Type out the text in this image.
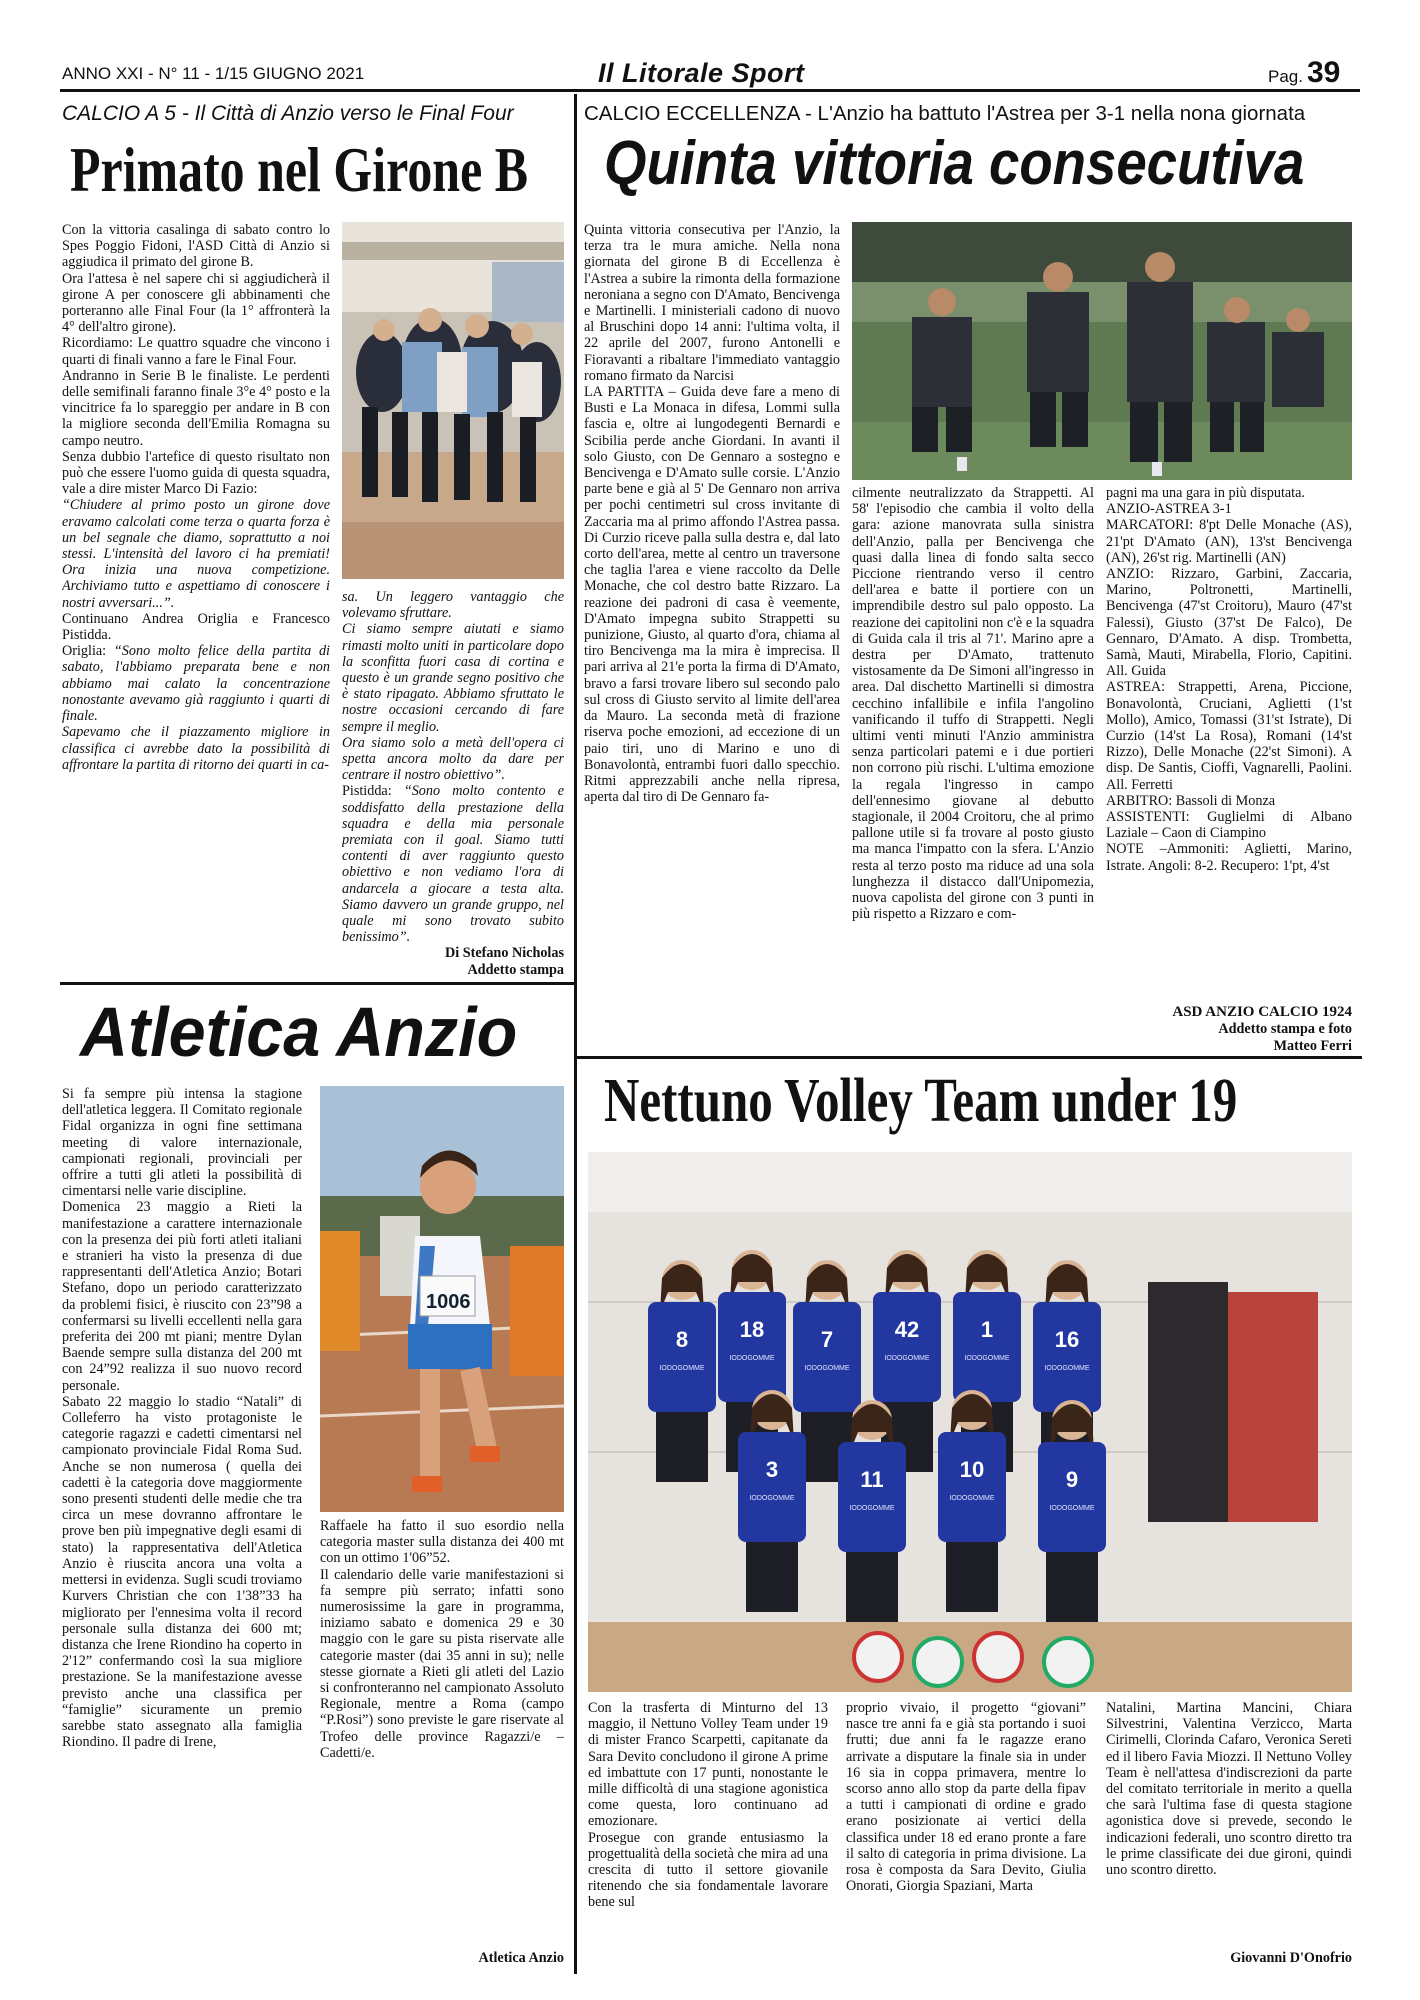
ANNO XXI - N° 11 - 1/15 GIUGNO 2021	Il Litorale Sport	Pag. 39
CALCIO A 5 - Il Città di Anzio verso le Final Four
Primato nel Girone B

Con la vittoria casalinga di sabato contro lo Spes Poggio Fidoni, l'ASD Città di Anzio si aggiudica il primato del girone B.

Ora l'attesa è nel sapere chi si aggiudicherà il girone A per conoscere gli abbinamenti che porteranno alle Final Four (la 1° affronterà la 4° dell'altro girone).

Ricordiamo: Le quattro squadre che vincono i quarti di finali vanno a fare le Final Four.

Andranno in Serie B le finaliste. Le perdenti delle semifinali faranno finale 3°e 4° posto e la vincitrice fa lo spareggio per andare in B con la migliore seconda dell'Emilia Romagna su campo neutro.

Senza dubbio l'artefice di questo risultato non può che essere l'uomo guida di questa squadra, vale a dire mister Marco Di Fazio:

“Chiudere al primo posto un girone dove eravamo calcolati come terza o quarta forza è un bel segnale che diamo, soprattutto a noi stessi. L'intensità del lavoro ci ha premiati! Ora inizia una nuova competizione. Archiviamo tutto e aspettiamo di conoscere i nostri avversari...”.

Continuano Andrea Origlia e Francesco Pistidda.

Origlia: “Sono molto felice della partita di sabato, l'abbiamo preparata bene e non abbiamo mai calato la concentrazione nonostante avevamo già raggiunto i quarti di finale.

Sapevamo che il piazzamento migliore in classifica ci avrebbe dato la possibilità di affrontare la partita di ritorno dei quarti in ca-

sa. Un leggero vantaggio che volevamo sfruttare.

Ci siamo sempre aiutati e siamo rimasti molto uniti in particolare dopo la sconfitta fuori casa di cortina e questo è un grande segno positivo che è stato ripagato. Abbiamo sfruttato le nostre occasioni cercando di fare sempre il meglio.

Ora siamo solo a metà dell'opera ci spetta ancora molto da dare per centrare il nostro obiettivo”.

Pistidda: “Sono molto contento e soddisfatto della prestazione della squadra e della mia personale premiata con il goal. Siamo tutti contenti di aver raggiunto questo obiettivo e non vediamo l'ora di andarcela a giocare a testa alta. Siamo davvero un grande gruppo, nel quale mi sono trovato subito benissimo”.

Di Stefano Nicholas
Addetto stampa
CALCIO ECCELLENZA - L'Anzio ha battuto l'Astrea per 3-1 nella nona giornata
Quinta vittoria consecutiva

Quinta vittoria consecutiva per l'Anzio, la terza tra le mura amiche. Nella nona giornata del girone B di Eccellenza è l'Astrea a subire la rimonta della formazione neroniana a segno con D'Amato, Bencivenga e Martinelli. I ministeriali cadono di nuovo al Bruschini dopo 14 anni: l'ultima volta, il 22 aprile del 2007, furono Antonelli e Fioravanti a ribaltare l'immediato vantaggio romano firmato da Narcisi

LA PARTITA – Guida deve fare a meno di Busti e La Monaca in difesa, Lommi sulla fascia e, oltre ai lungodegenti Bernardi e Scibilia perde anche Giordani. In avanti il solo Giusto, con De Gennaro a sostegno e Bencivenga e D'Amato sulle corsie. L'Anzio parte bene e già al 5' De Gennaro non arriva per pochi centimetri sul cross invitante di Zaccaria ma al primo affondo l'Astrea passa. Di Curzio riceve palla sulla destra e, dal lato corto dell'area, mette al centro un traversone che taglia l'area e viene raccolto da Delle Monache, che col destro batte Rizzaro. La reazione dei padroni di casa è veemente, D'Amato impegna subito Strappetti su punizione, Giusto, al quarto d'ora, chiama al tiro Bencivenga ma la mira è imprecisa. Il pari arriva al 21'e porta la firma di D'Amato, bravo a farsi trovare libero sul secondo palo sul cross di Giusto servito al limite dell'area da Mauro. La seconda metà di frazione riserva poche emozioni, ad eccezione di un paio tiri, uno di Marino e uno di Bonavolontà, entrambi fuori dallo specchio. Ritmi apprezzabili anche nella ripresa, aperta dal tiro di De Gennaro fa-

cilmente neutralizzato da Strappetti. Al 58' l'episodio che cambia il volto della gara: azione manovrata sulla sinistra dell'Anzio, palla per Bencivenga che quasi dalla linea di fondo salta secco Piccione rientrando verso il centro dell'area e batte il portiere con un imprendibile destro sul palo opposto. La reazione dei capitolini non c'è e la squadra di Guida cala il tris al 71'. Marino apre a destra per D'Amato, trattenuto vistosamente da De Simoni all'ingresso in area. Dal dischetto Martinelli si dimostra cecchino infallibile e infila l'angolino vanificando il tuffo di Strappetti. Negli ultimi venti minuti l'Anzio amministra senza particolari patemi e i due portieri non corrono più rischi. L'ultima emozione la regala l'ingresso in campo dell'ennesimo giovane al debutto stagionale, il 2004 Croitoru, che al primo pallone utile si fa trovare al posto giusto ma manca l'impatto con la sfera. L'Anzio resta al terzo posto ma riduce ad una sola lunghezza il distacco dall'Unipomezia, nuova capolista del girone con 3 punti in più rispetto a Rizzaro e com-

pagni ma una gara in più disputata.

ANZIO-ASTREA 3-1

MARCATORI: 8'pt Delle Monache (AS), 21'pt D'Amato (AN), 13'st Bencivenga (AN), 26'st rig. Martinelli (AN)

ANZIO: Rizzaro, Garbini, Zaccaria, Marino, Poltronetti, Martinelli, Bencivenga (47'st Croitoru), Mauro (47'st Falessi), Giusto (37'st De Falco), De Gennaro, D'Amato. A disp. Trombetta, Samà, Mauti, Mirabella, Florio, Capitini. All. Guida

ASTREA: Strappetti, Arena, Piccione, Bonavolontà, Cruciani, Aglietti (1'st Mollo), Amico, Tomassi (31'st Istrate), Di Curzio (14'st La Rosa), Romani (14'st Rizzo), Delle Monache (22'st Simoni). A disp. De Santis, Cioffi, Vagnarelli, Paolini. All. Ferretti

ARBITRO: Bassoli di Monza

ASSISTENTI: Guglielmi di Albano Laziale – Caon di Ciampino

NOTE –Ammoniti: Aglietti, Marino, Istrate. Angoli: 8-2. Recupero: 1'pt, 4'st

ASD ANZIO CALCIO 1924
Addetto stampa e foto
Matteo Ferri
Atletica Anzio

Si fa sempre più intensa la stagione dell'atletica leggera. Il Comitato regionale Fidal organizza in ogni fine settimana meeting di valore internazionale, campionati regionali, provinciali per offrire a tutti gli atleti la possibilità di cimentarsi nelle varie discipline.

Domenica 23 maggio a Rieti la manifestazione a carattere internazionale con la presenza dei più forti atleti italiani e stranieri ha visto la presenza di due rappresentanti dell'Atletica Anzio; Botari Stefano, dopo un periodo caratterizzato da problemi fisici, è riuscito con 23”98 a confermarsi su livelli eccellenti nella gara preferita dei 200 mt piani; mentre Dylan Baende sempre sulla distanza del 200 mt con 24”92 realizza il suo nuovo record personale.

Sabato 22 maggio lo stadio “Natali” di Colleferro ha visto protagoniste le categorie ragazzi e cadetti cimentarsi nel campionato provinciale Fidal Roma Sud. Anche se non numerosa ( quella dei cadetti è la categoria dove maggiormente sono presenti studenti delle medie che tra circa un mese dovranno affrontare le prove ben più impegnative degli esami di stato) la rappresentativa dell'Atletica Anzio è riuscita ancora una volta a mettersi in evidenza. Sugli scudi troviamo Kurvers Christian che con 1'38”33 ha migliorato per l'ennesima volta il record personale sulla distanza dei 600 mt; distanza che Irene Riondino ha coperto in 2'12” confermando così la sua migliore prestazione. Se la manifestazione avesse previsto anche una classifica per “famiglie” sicuramente un premio sarebbe stato assegnato alla famiglia Riondino. Il padre di Irene,

1006

Raffaele ha fatto il suo esordio nella categoria master sulla distanza dei 400 mt con un ottimo 1'06”52.

Il calendario delle varie manifestazioni si fa sempre più serrato; infatti sono numerosissime la gare in programma, iniziamo sabato e domenica 29 e 30 maggio con le gare su pista riservate alle categorie master (dai 35 anni in su); nelle stesse giornate a Rieti gli atleti del Lazio si confronteranno nel campionato Assoluto Regionale, mentre a Roma (campo “P.Rosi”) sono previste le gare riservate al Trofeo delle province Ragazzi/e – Cadetti/e.

Atletica Anzio
Nettuno Volley Team under 19
8
IODOGOMME
18
IODOGOMME
7
IODOGOMME
42
IODOGOMME
1
IODOGOMME
16
IODOGOMME
3
IODOGOMME
11
IODOGOMME
10
IODOGOMME
9
IODOGOMME

Con la trasferta di Minturno del 13 maggio, il Nettuno Volley Team under 19 di mister Franco Scarpetti, capitanate da Sara Devito concludono il girone A prime ed imbattute con 17 punti, nonostante le mille difficoltà di una stagione agonistica come questa, loro continuano ad emozionare.

Prosegue con grande entusiasmo la progettualità della società che mira ad una crescita di tutto il settore giovanile ritenendo che sia fondamentale lavorare bene sul

proprio vivaio, il progetto “giovani” nasce tre anni fa e già sta portando i suoi frutti; due anni fa le ragazze erano arrivate a disputare la finale sia in under 16 sia in coppa primavera, mentre lo scorso anno allo stop da parte della fipav a tutti i campionati di ordine e grado erano posizionate ai vertici della classifica under 18 ed erano pronte a fare il salto di categoria in prima divisione. La rosa è composta da Sara Devito, Giulia Onorati, Giorgia Spaziani, Marta

Natalini, Martina Mancini, Chiara Silvestrini, Valentina Verzicco, Marta Cirimelli, Clorinda Cafaro, Veronica Sereti ed il libero Favia Miozzi. Il Nettuno Volley Team è nell'attesa d'indiscrezioni da parte del comitato territoriale in merito a quella che sarà l'ultima fase di questa stagione agonistica dove si prevede, secondo le indicazioni federali, uno scontro diretto tra le prime classificate dei due gironi, quindi uno scontro diretto.

Giovanni D'Onofrio
